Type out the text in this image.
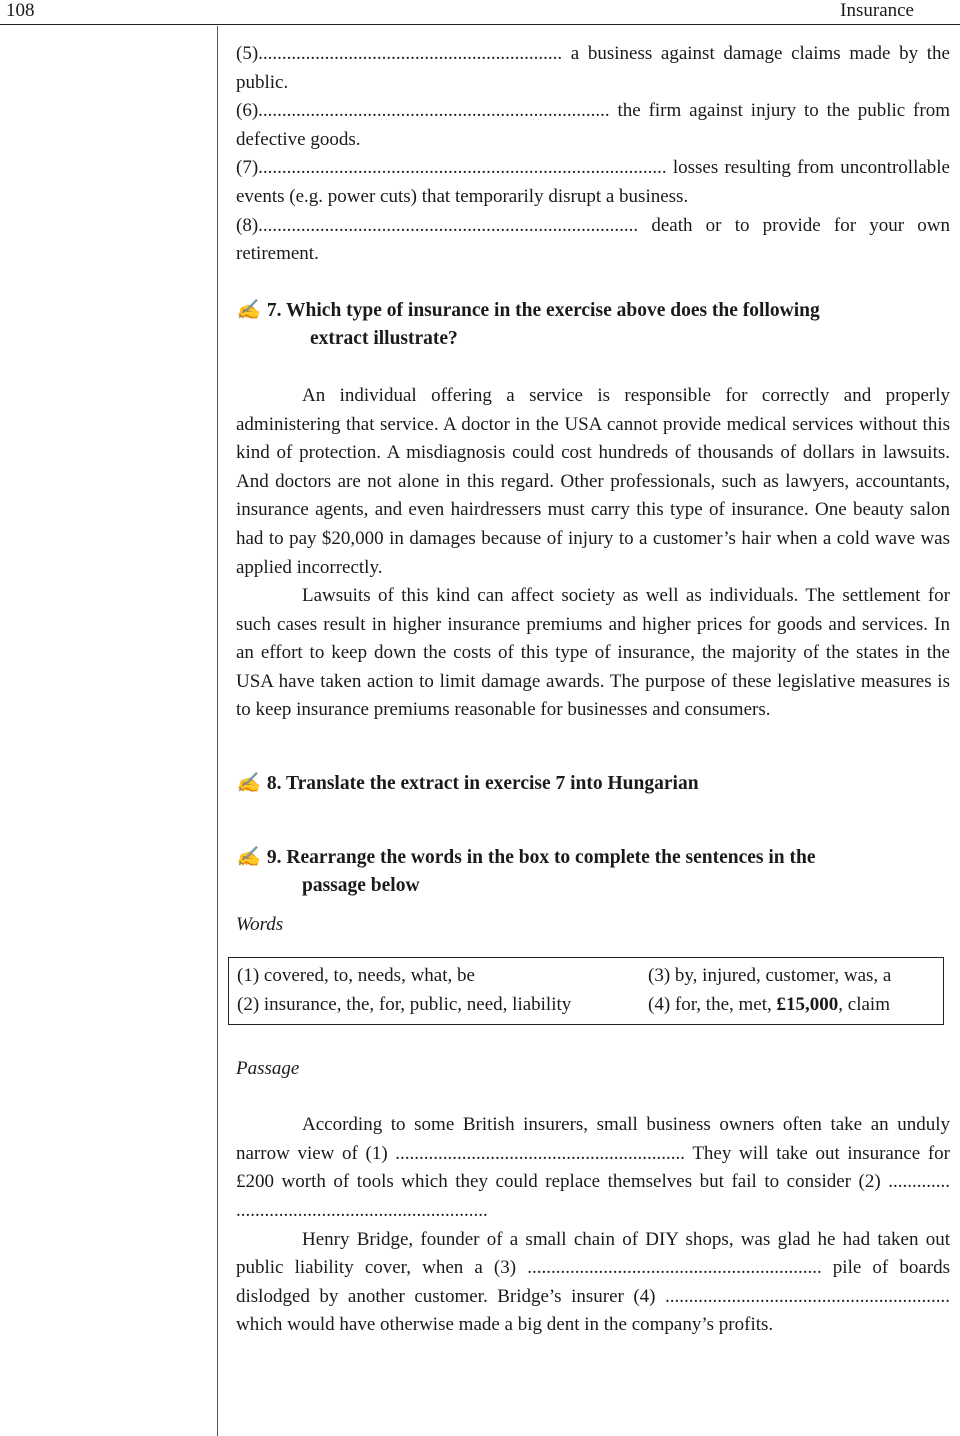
108	Insurance

(5)................................................................ a business against damage claims made by the public.

(6).......................................................................... the firm against injury to the public from defective goods.

(7)...................................................................................... losses resulting from uncontrollable events (e.g. power cuts) that temporarily disrupt a business.

(8)................................................................................ death or to provide for your own retirement.

✍ 7. Which type of insurance in the exercise above does the following
extract illustrate?

An individual offering a service is responsible for correctly and properly administering that service. A doctor in the USA cannot provide medical services without this kind of protection. A misdiagnosis could cost hundreds of thousands of dollars in lawsuits. And doctors are not alone in this regard. Other professionals, such as lawyers, accountants, insurance agents, and even hairdressers must carry this type of insurance. One beauty salon had to pay $20,000 in damages because of injury to a customer’s hair when a cold wave was applied incorrectly.

Lawsuits of this kind can affect society as well as individuals. The settlement for such cases result in higher insurance premiums and higher prices for goods and services. In an effort to keep down the costs of this type of insurance, the majority of the states in the USA have taken action to limit damage awards. The purpose of these legislative measures is to keep insurance premiums reasonable for businesses and consumers.

✍ 8. Translate the extract in exercise 7 into Hungarian
✍ 9. Rearrange the words in the box to complete the sentences in the
passage below

Words

(1) covered, to, needs, what, be	(3) by, injured, customer, was, a
(2) insurance, the, for, public, need, liability	(4) for, the, met, £15,000, claim

Passage

According to some British insurers, small business owners often take an unduly narrow view of (1) ............................................................. They will take out insurance for £200 worth of tools which they could replace themselves but fail to consider (2) ............. .....................................................

Henry Bridge, founder of a small chain of DIY shops, was glad he had taken out public liability cover, when a (3) .............................................................. pile of boards dislodged by another customer. Bridge’s insurer (4) ............................................................ which would have otherwise made a big dent in the company’s profits.
